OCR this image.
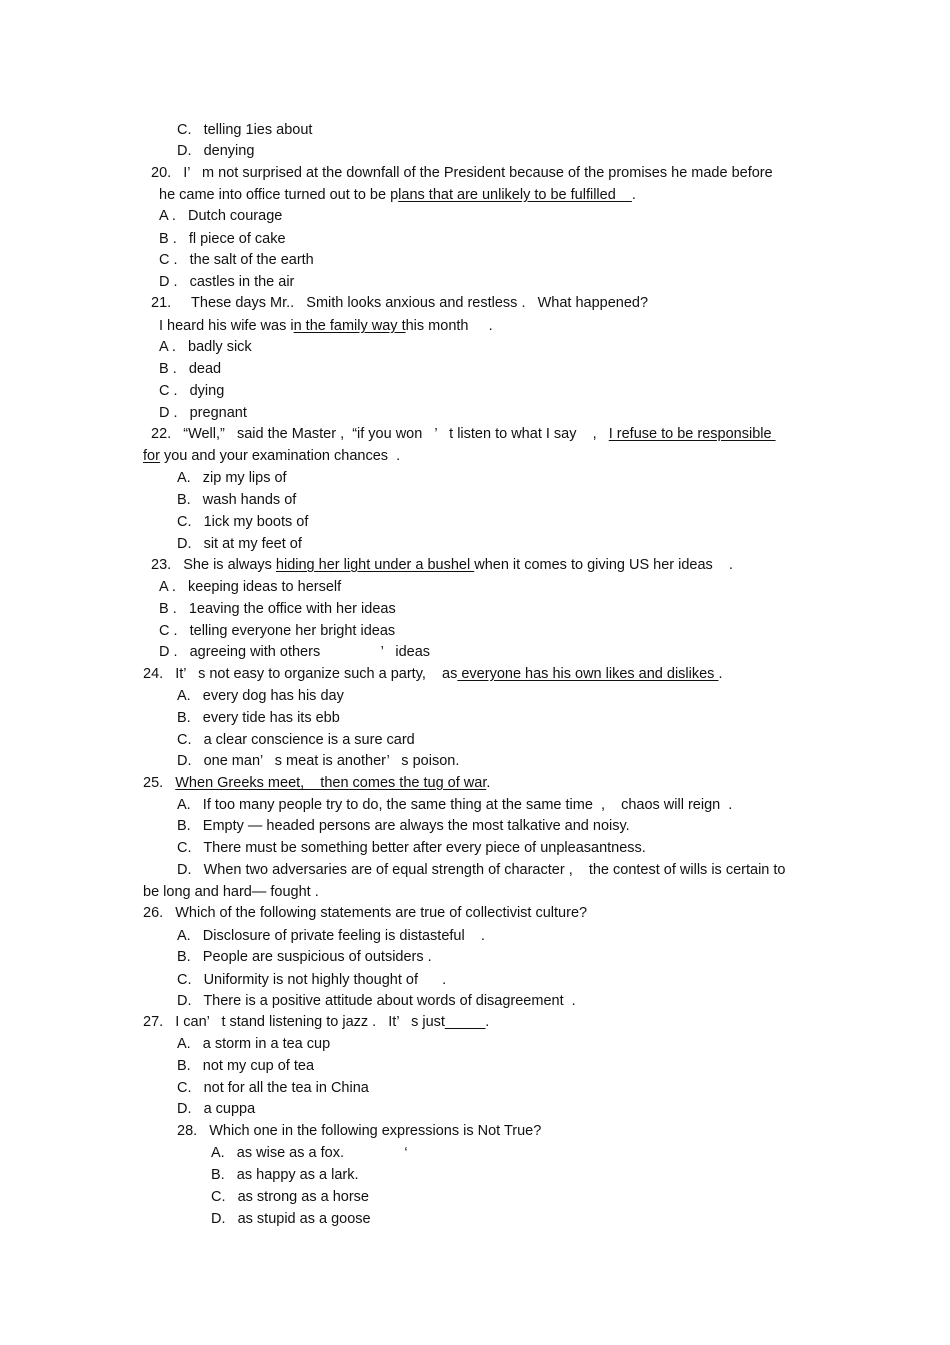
C.   telling 1ies about
D.   denying
20.   I’   m not surprised at the downfall of the President because of the promises he made before
he came into office turned out to be plans that are unlikely to be fulfilled    .
A .   Dutch courage
B .   fl piece of cake
C .   the salt of the earth
D .   castles in the air
21.     These days Mr..   Smith looks anxious and restless .   What happened?
I heard his wife was in the family way this month     .
A .   badly sick
B .   dead
C .   dying
D .   pregnant
22.   “Well,”   said the Master ,  “if you won   ’   t listen to what I say    ,   I refuse to be responsible
for you and your examination chances  .
A.   zip my lips of
B.   wash hands of
C.   1ick my boots of
D.   sit at my feet of
23.   She is always hiding her light under a bushel when it comes to giving US her ideas    .
A .   keeping ideas to herself
B .   1eaving the office with her ideas
C .   telling everyone her bright ideas
D .   agreeing with others               ’   ideas
24.   It’   s not easy to organize such a party,    as everyone has his own likes and dislikes .
A.   every dog has his day
B.   every tide has its ebb
C.   a clear conscience is a sure card
D.   one man’   s meat is another’   s poison.
25.   When Greeks meet,    then comes the tug of war.
A.   If too many people try to do, the same thing at the same time  ,    chaos will reign  .
B.   Empty — headed persons are always the most talkative and noisy.
C.   There must be something better after every piece of unpleasantness.
D.   When two adversaries are of equal strength of character ,    the contest of wills is certain to
be long and hard— fought .
26.   Which of the following statements are true of collectivist culture?
A.   Disclosure of private feeling is distasteful    .
B.   People are suspicious of outsiders .
C.   Uniformity is not highly thought of      .
D.   There is a positive attitude about words of disagreement  .
27.   I can’   t stand listening to jazz .   It’   s just_____.
A.   a storm in a tea cup
B.   not my cup of tea
C.   not for all the tea in China
D.   a cuppa
28.   Which one in the following expressions is Not True?
A.   as wise as a fox.               ‘
B.   as happy as a lark.
C.   as strong as a horse
D.   as stupid as a goose
